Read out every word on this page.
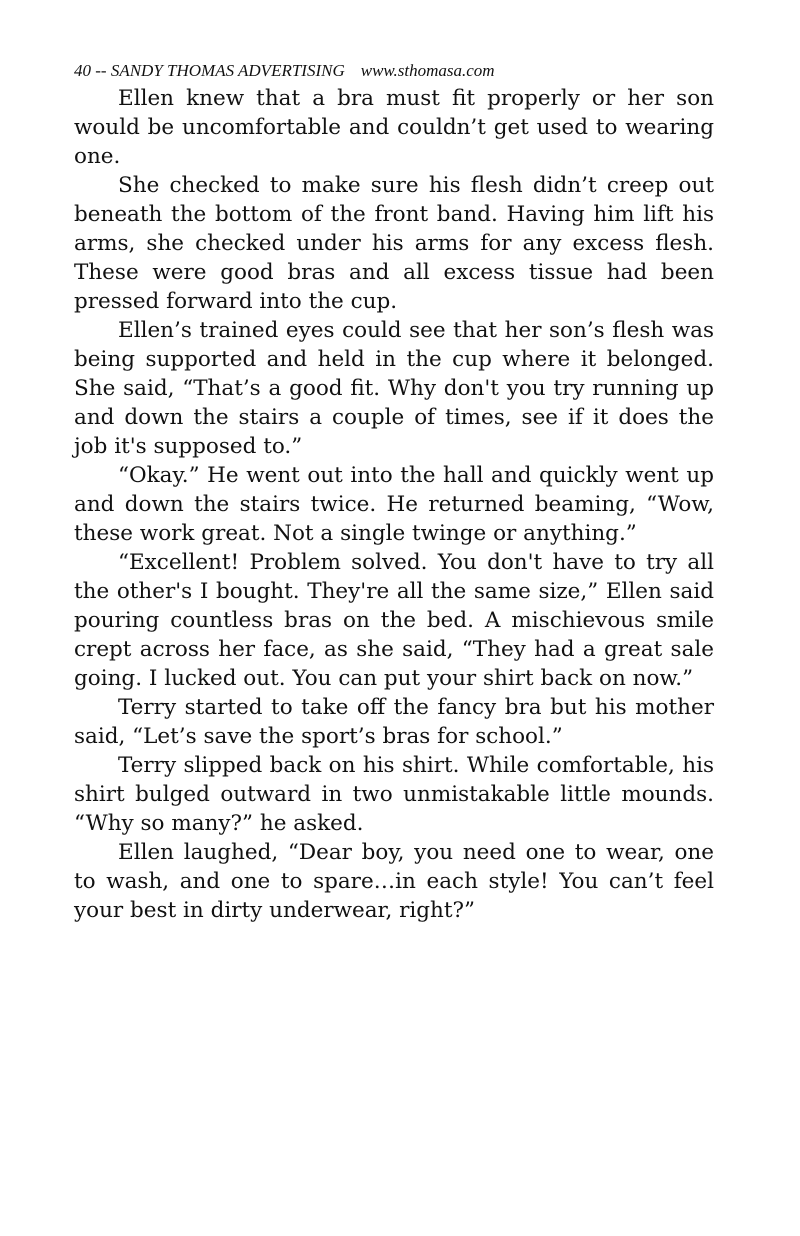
40 -- SANDY THOMAS ADVERTISING www.sthomasa.com

Ellen knew that a bra must fit properly or her son would be uncomfortable and couldn’t get used to wearing one.

She checked to make sure his flesh didn’t creep out beneath the bottom of the front band. Having him lift his arms, she checked under his arms for any excess flesh. These were good bras and all excess tissue had been pressed forward into the cup.

Ellen’s trained eyes could see that her son’s flesh was being supported and held in the cup where it belonged. She said, “That’s a good fit. Why don't you try running up and down the stairs a couple of times, see if it does the job it's supposed to.”

“Okay.” He went out into the hall and quickly went up and down the stairs twice. He returned beaming, “Wow, these work great. Not a single twinge or anything.”

“Excellent! Problem solved. You don't have to try all the other's I bought. They're all the same size,” Ellen said pouring countless bras on the bed. A mischievous smile crept across her face, as she said, “They had a great sale going. I lucked out. You can put your shirt back on now.”

Terry started to take off the fancy bra but his mother said, “Let’s save the sport’s bras for school.”

Terry slipped back on his shirt. While comfortable, his shirt bulged outward in two unmistakable little mounds. “Why so many?” he asked.

Ellen laughed, “Dear boy, you need one to wear, one to wash, and one to spare…in each style! You can’t feel your best in dirty underwear, right?”
